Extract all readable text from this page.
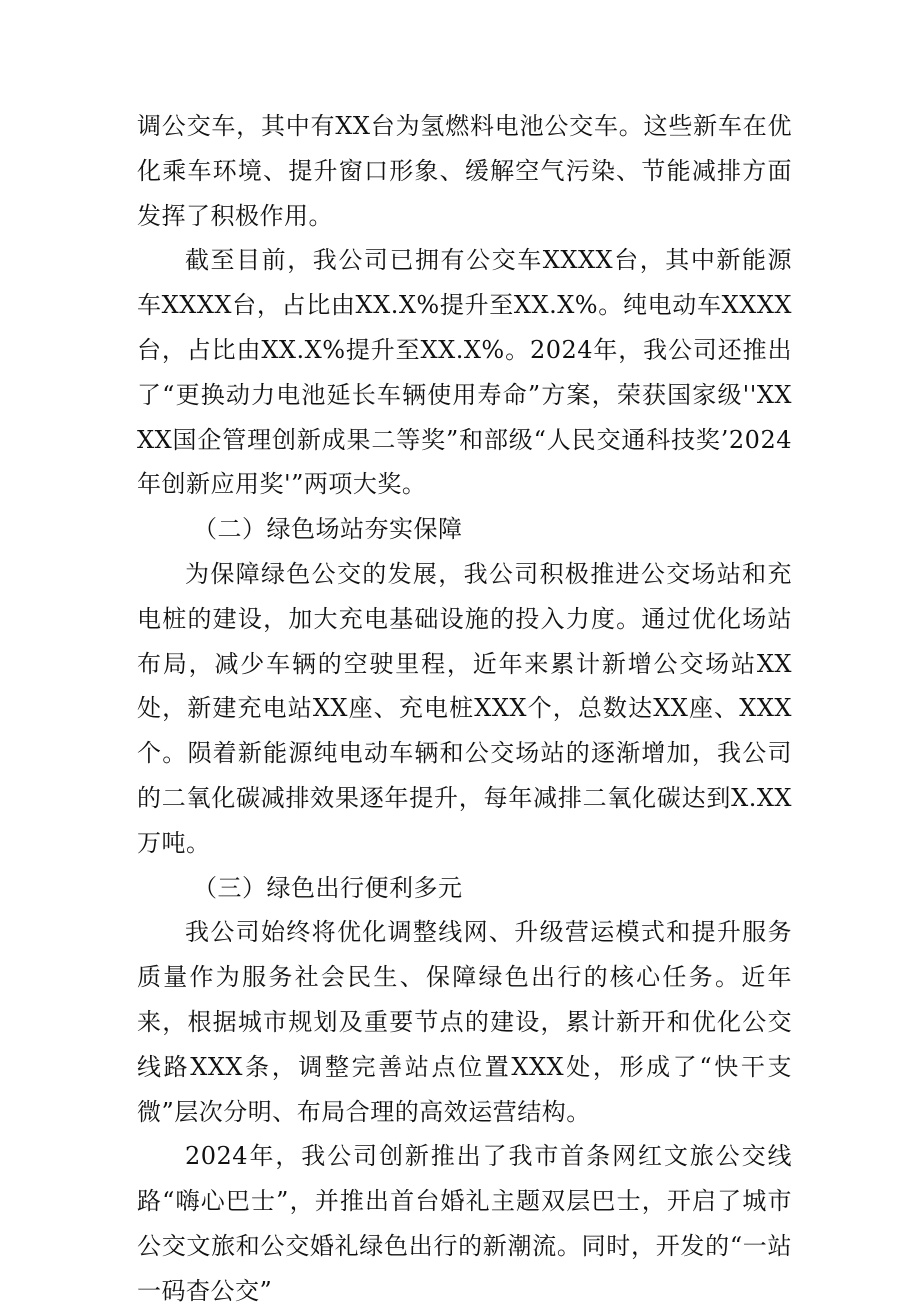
调公交车，其中有XX台为氢燃料电池公交车。这些新车在优化乘车环境、提升窗口形象、缓解空气污染、节能减排方面发挥了积极作用。

截至目前，我公司已拥有公交车XXXX台，其中新能源车XXXX台，占比由XX.X%提升至XX.X%。纯电动车XXXX台，占比由XX.X%提升至XX.X%。2024年，我公司还推出了“更换动力电池延长车辆使用寿命”方案，荣获国家级''XXXX国企管理创新成果二等奖”和部级“人民交通科技奖’2024年创新应用奖'”两项大奖。

（二）绿色场站夯实保障

为保障绿色公交的发展，我公司积极推进公交场站和充电桩的建设，加大充电基础设施的投入力度。通过优化场站布局，减少车辆的空驶里程，近年来累计新增公交场站XX处，新建充电站XX座、充电桩XXX个，总数达XX座、XXX个。陨着新能源纯电动车辆和公交场站的逐渐增加，我公司的二氧化碳减排效果逐年提升，每年减排二氧化碳达到X.XX万吨。

（三）绿色出行便利多元

我公司始终将优化调整线网、升级营运模式和提升服务质量作为服务社会民生、保障绿色出行的核心任务。近年来，根据城市规划及重要节点的建设，累计新开和优化公交线路XXX条，调整完善站点位置XXX处，形成了“快干支微”层次分明、布局合理的高效运营结构。

2024年，我公司创新推出了我市首条网红文旅公交线路“嗨心巴士”，并推出首台婚礼主题双层巴士，开启了城市公交文旅和公交婚礼绿色出行的新潮流。同时，开发的“一站一码杳公交”
